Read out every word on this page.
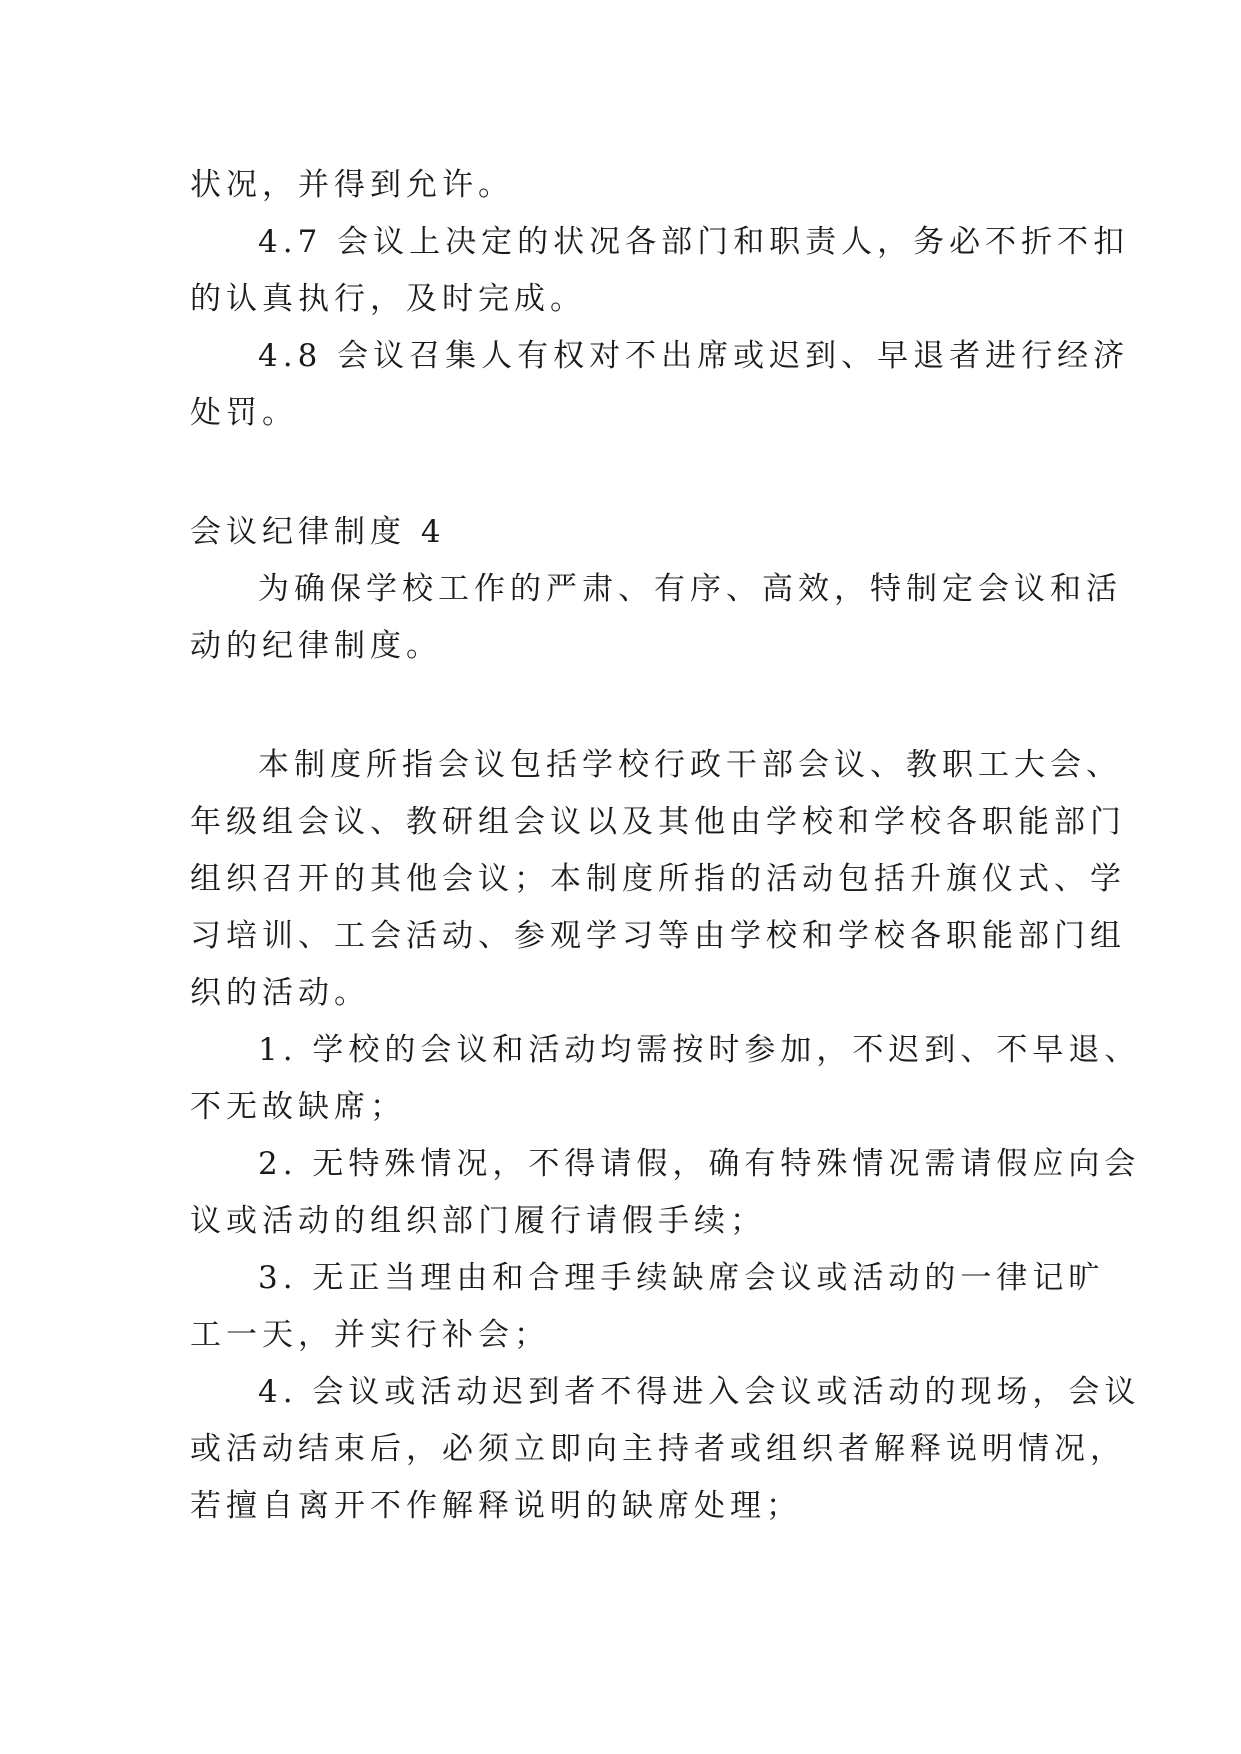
状况，并得到允许。
4.7 会议上决定的状况各部门和职责人，务必不折不扣
的认真执行，及时完成。
4.8 会议召集人有权对不出席或迟到、早退者进行经济
处罚。
会议纪律制度 4
为确保学校工作的严肃、有序、高效，特制定会议和活
动的纪律制度。
本制度所指会议包括学校行政干部会议、教职工大会、
年级组会议、教研组会议以及其他由学校和学校各职能部门
组织召开的其他会议；本制度所指的活动包括升旗仪式、学
习培训、工会活动、参观学习等由学校和学校各职能部门组
织的活动。
1. 学校的会议和活动均需按时参加，不迟到、不早退、
不无故缺席；
2. 无特殊情况，不得请假，确有特殊情况需请假应向会
议或活动的组织部门履行请假手续；
3. 无正当理由和合理手续缺席会议或活动的一律记旷
工一天，并实行补会；
4. 会议或活动迟到者不得进入会议或活动的现场，会议
或活动结束后，必须立即向主持者或组织者解释说明情况，
若擅自离开不作解释说明的缺席处理；
